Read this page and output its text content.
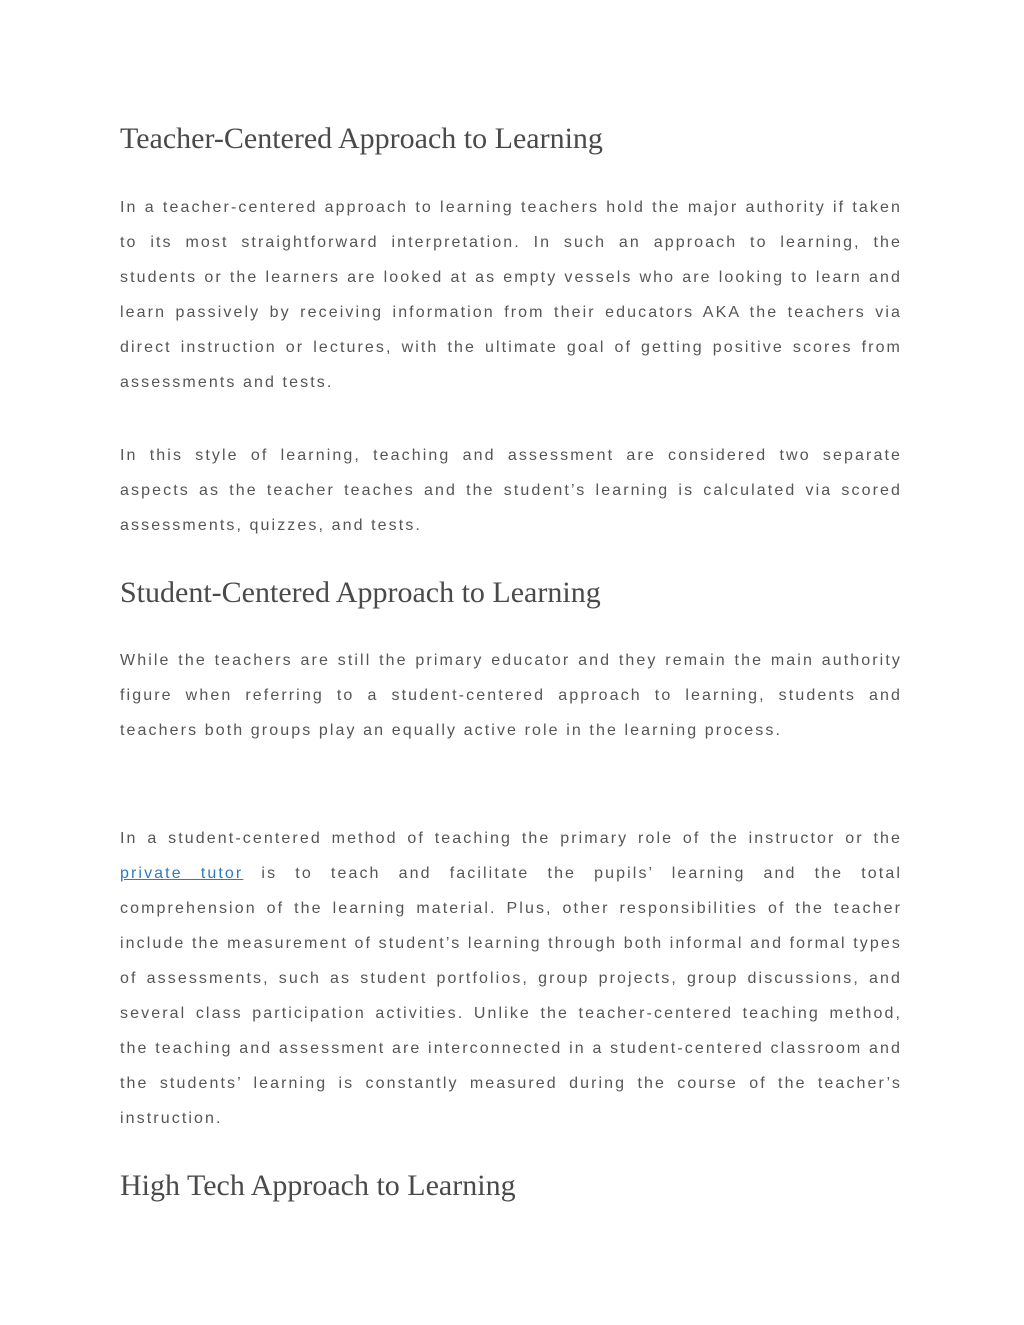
Teacher-Centered Approach to Learning

In a teacher-centered approach to learning teachers hold the major authority if taken to its most straightforward interpretation. In such an approach to learning, the students or the learners are looked at as empty vessels who are looking to learn and learn passively by receiving information from their educators AKA the teachers via direct instruction or lectures, with the ultimate goal of getting positive scores from assessments and tests.

In this style of learning, teaching and assessment are considered two separate aspects as the teacher teaches and the student’s learning is calculated via scored assessments, quizzes, and tests.

Student-Centered Approach to Learning

While the teachers are still the primary educator and they remain the main authority figure when referring to a student-centered approach to learning, students and teachers both groups play an equally active role in the learning process.

In a student-centered method of teaching the primary role of the instructor or the private tutor is to teach and facilitate the pupils’ learning and the total comprehension of the learning material. Plus, other responsibilities of the teacher include the measurement of student’s learning through both informal and formal types of assessments, such as student portfolios, group projects, group discussions, and several class participation activities. Unlike the teacher-centered teaching method, the teaching and assessment are interconnected in a student-centered classroom and the students’ learning is constantly measured during the course of the teacher’s instruction.

High Tech Approach to Learning
